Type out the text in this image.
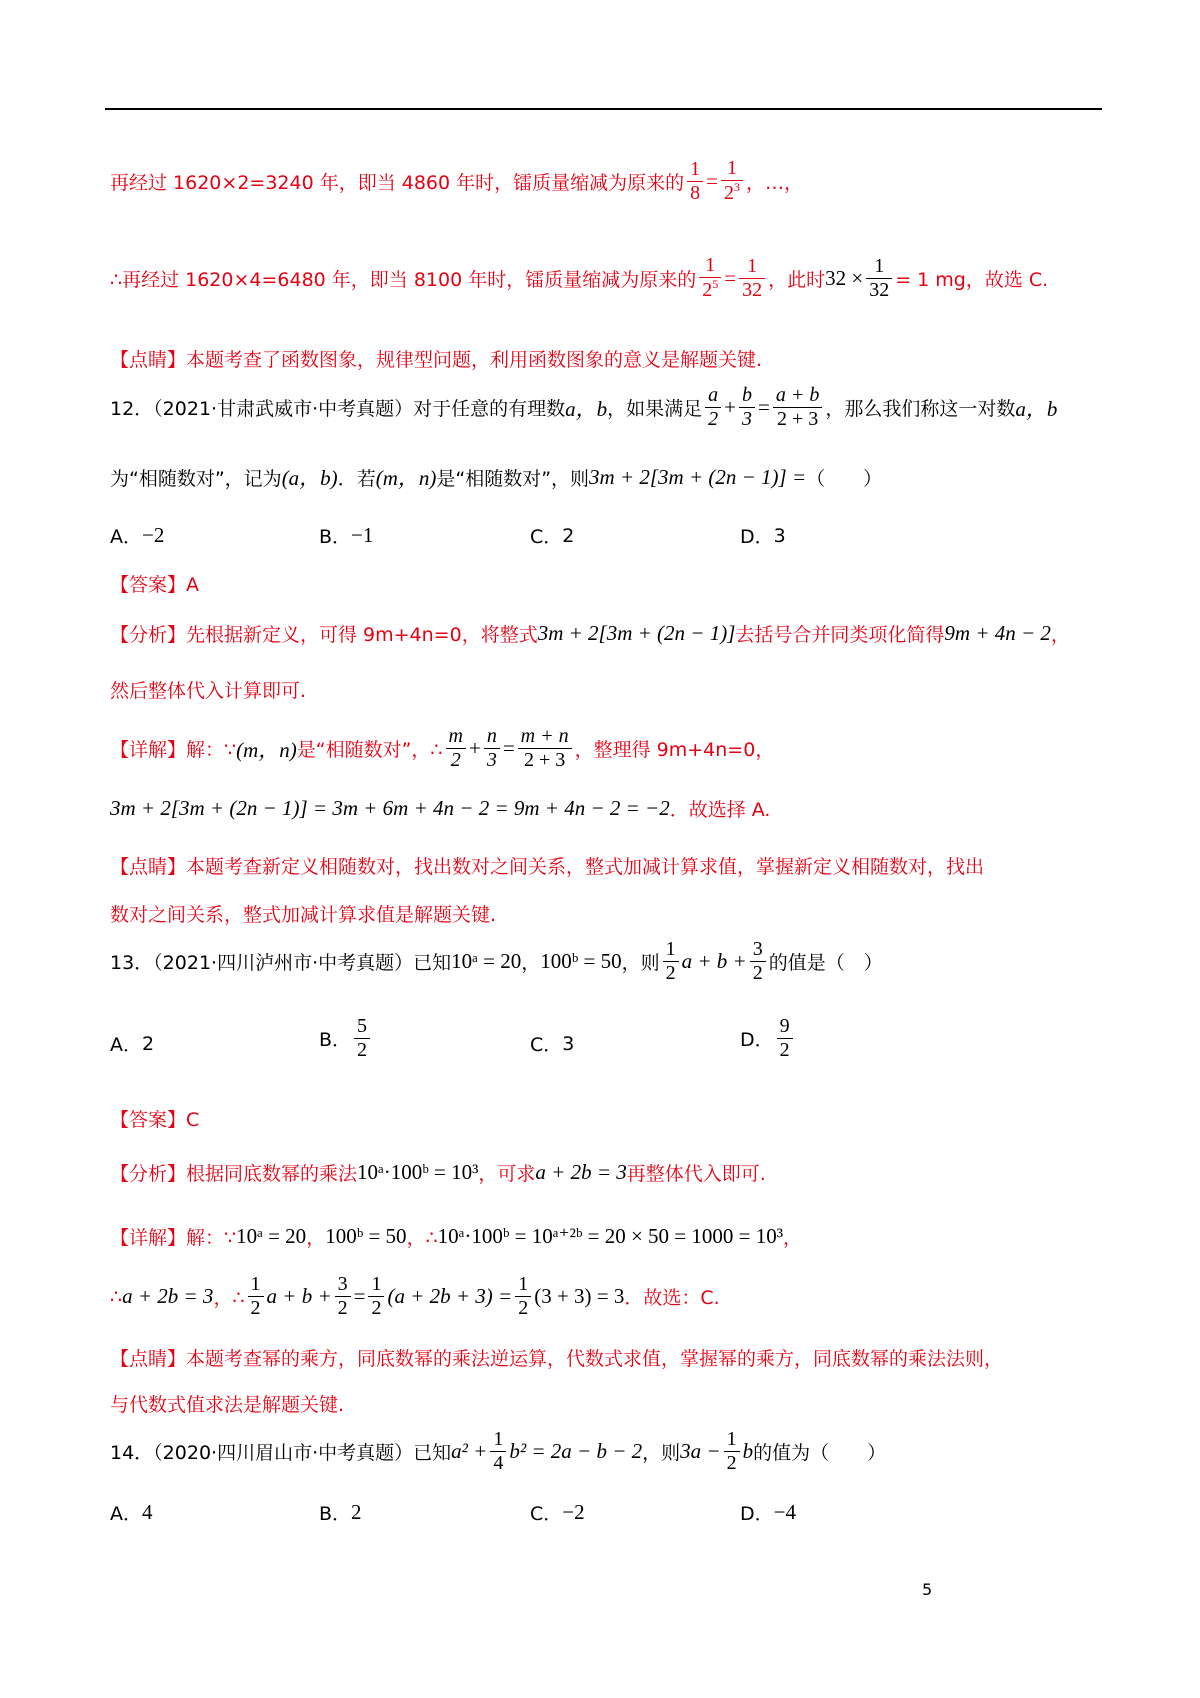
再经过 1620×2=3240 年，即当 4860 年时，镭质量缩减为原来的 $\frac{1}{8} = \frac{1}{2^3}$ ，…，
∴再经过 1620×4=6480 年，即当 8100 年时，镭质量缩减为原来的 $\frac{1}{2^5} = \frac{1}{32}$ ，此时 $32 \times \frac{1}{32} = 1$ mg，故选 C.
【点睛】本题考查了函数图象，规律型问题，利用函数图象的意义是解题关键.
12．（2021·甘肃武威市·中考真题）对于任意的有理数 a，b ，如果满足 $\frac{a}{2} + \frac{b}{3} = \frac{a + b}{2 + 3}$ ，那么我们称这一对数 a，b
为“相随数对”，记为 (a，b) ．若 (m，n) 是“相随数对”，则 3m + 2[3m + (2n − 1)] = （　　）
A． −2	B． −1	C． 2	D． 3
【答案】A
【分析】先根据新定义，可得 9m+4n=0，将整式 3m + 2[3m + (2n − 1)] 去括号合并同类项化简得 9m + 4n − 2 ，
然后整体代入计算即可.
【详解】解：∵ (m，n) 是“相随数对”，∴ $\frac{m}{2} + \frac{n}{3} = \frac{m + n}{2 + 3}$ ，整理得 9m+4n=0，
3m + 2[3m + (2n − 1)] = 3m + 6m + 4n − 2 = 9m + 4n − 2 = −2 ．故选择 A.
【点睛】本题考查新定义相随数对，找出数对之间关系，整式加减计算求值，掌握新定义相随数对，找出
数对之间关系，整式加减计算求值是解题关键.
13．（2021·四川泸州市·中考真题）已知 10ᵃ = 20 ， 100ᵇ = 50 ，则 $\frac{1}{2}$ $a + b + \frac{3}{2}$ 的值是（　）
A． 2	B． $\frac{5}{2}$	C． 3	D． $\frac{9}{2}$
【答案】C
【分析】根据同底数幂的乘法 10ᵃ·100ᵇ = 10³ ，可求 a + 2b = 3 再整体代入即可.
【详解】解：∵ 10ᵃ = 20 ， 100ᵇ = 50 ，∴ 10ᵃ·100ᵇ = 10ᵃ⁺²ᵇ = 20 × 50 = 1000 = 10³ ，
∴ a + 2b = 3 ，∴ $\frac{1}{2}$ $a + b + \frac{3}{2} = \frac{1}{2} (a + 2b + 3) = \frac{1}{2} (3 + 3) = 3$ ．故选：C.
【点睛】本题考查幂的乘方，同底数幂的乘法逆运算，代数式求值，掌握幂的乘方，同底数幂的乘法法则，
与代数式值求法是解题关键.
14．（2020·四川眉山市·中考真题）已知 $a^2 + \frac{1}{4} b^2 = 2a - b - 2$ ，则 $3a - \frac{1}{2}$ b 的值为（　　）
A． 4	B． 2	C． −2	D． −4
5
